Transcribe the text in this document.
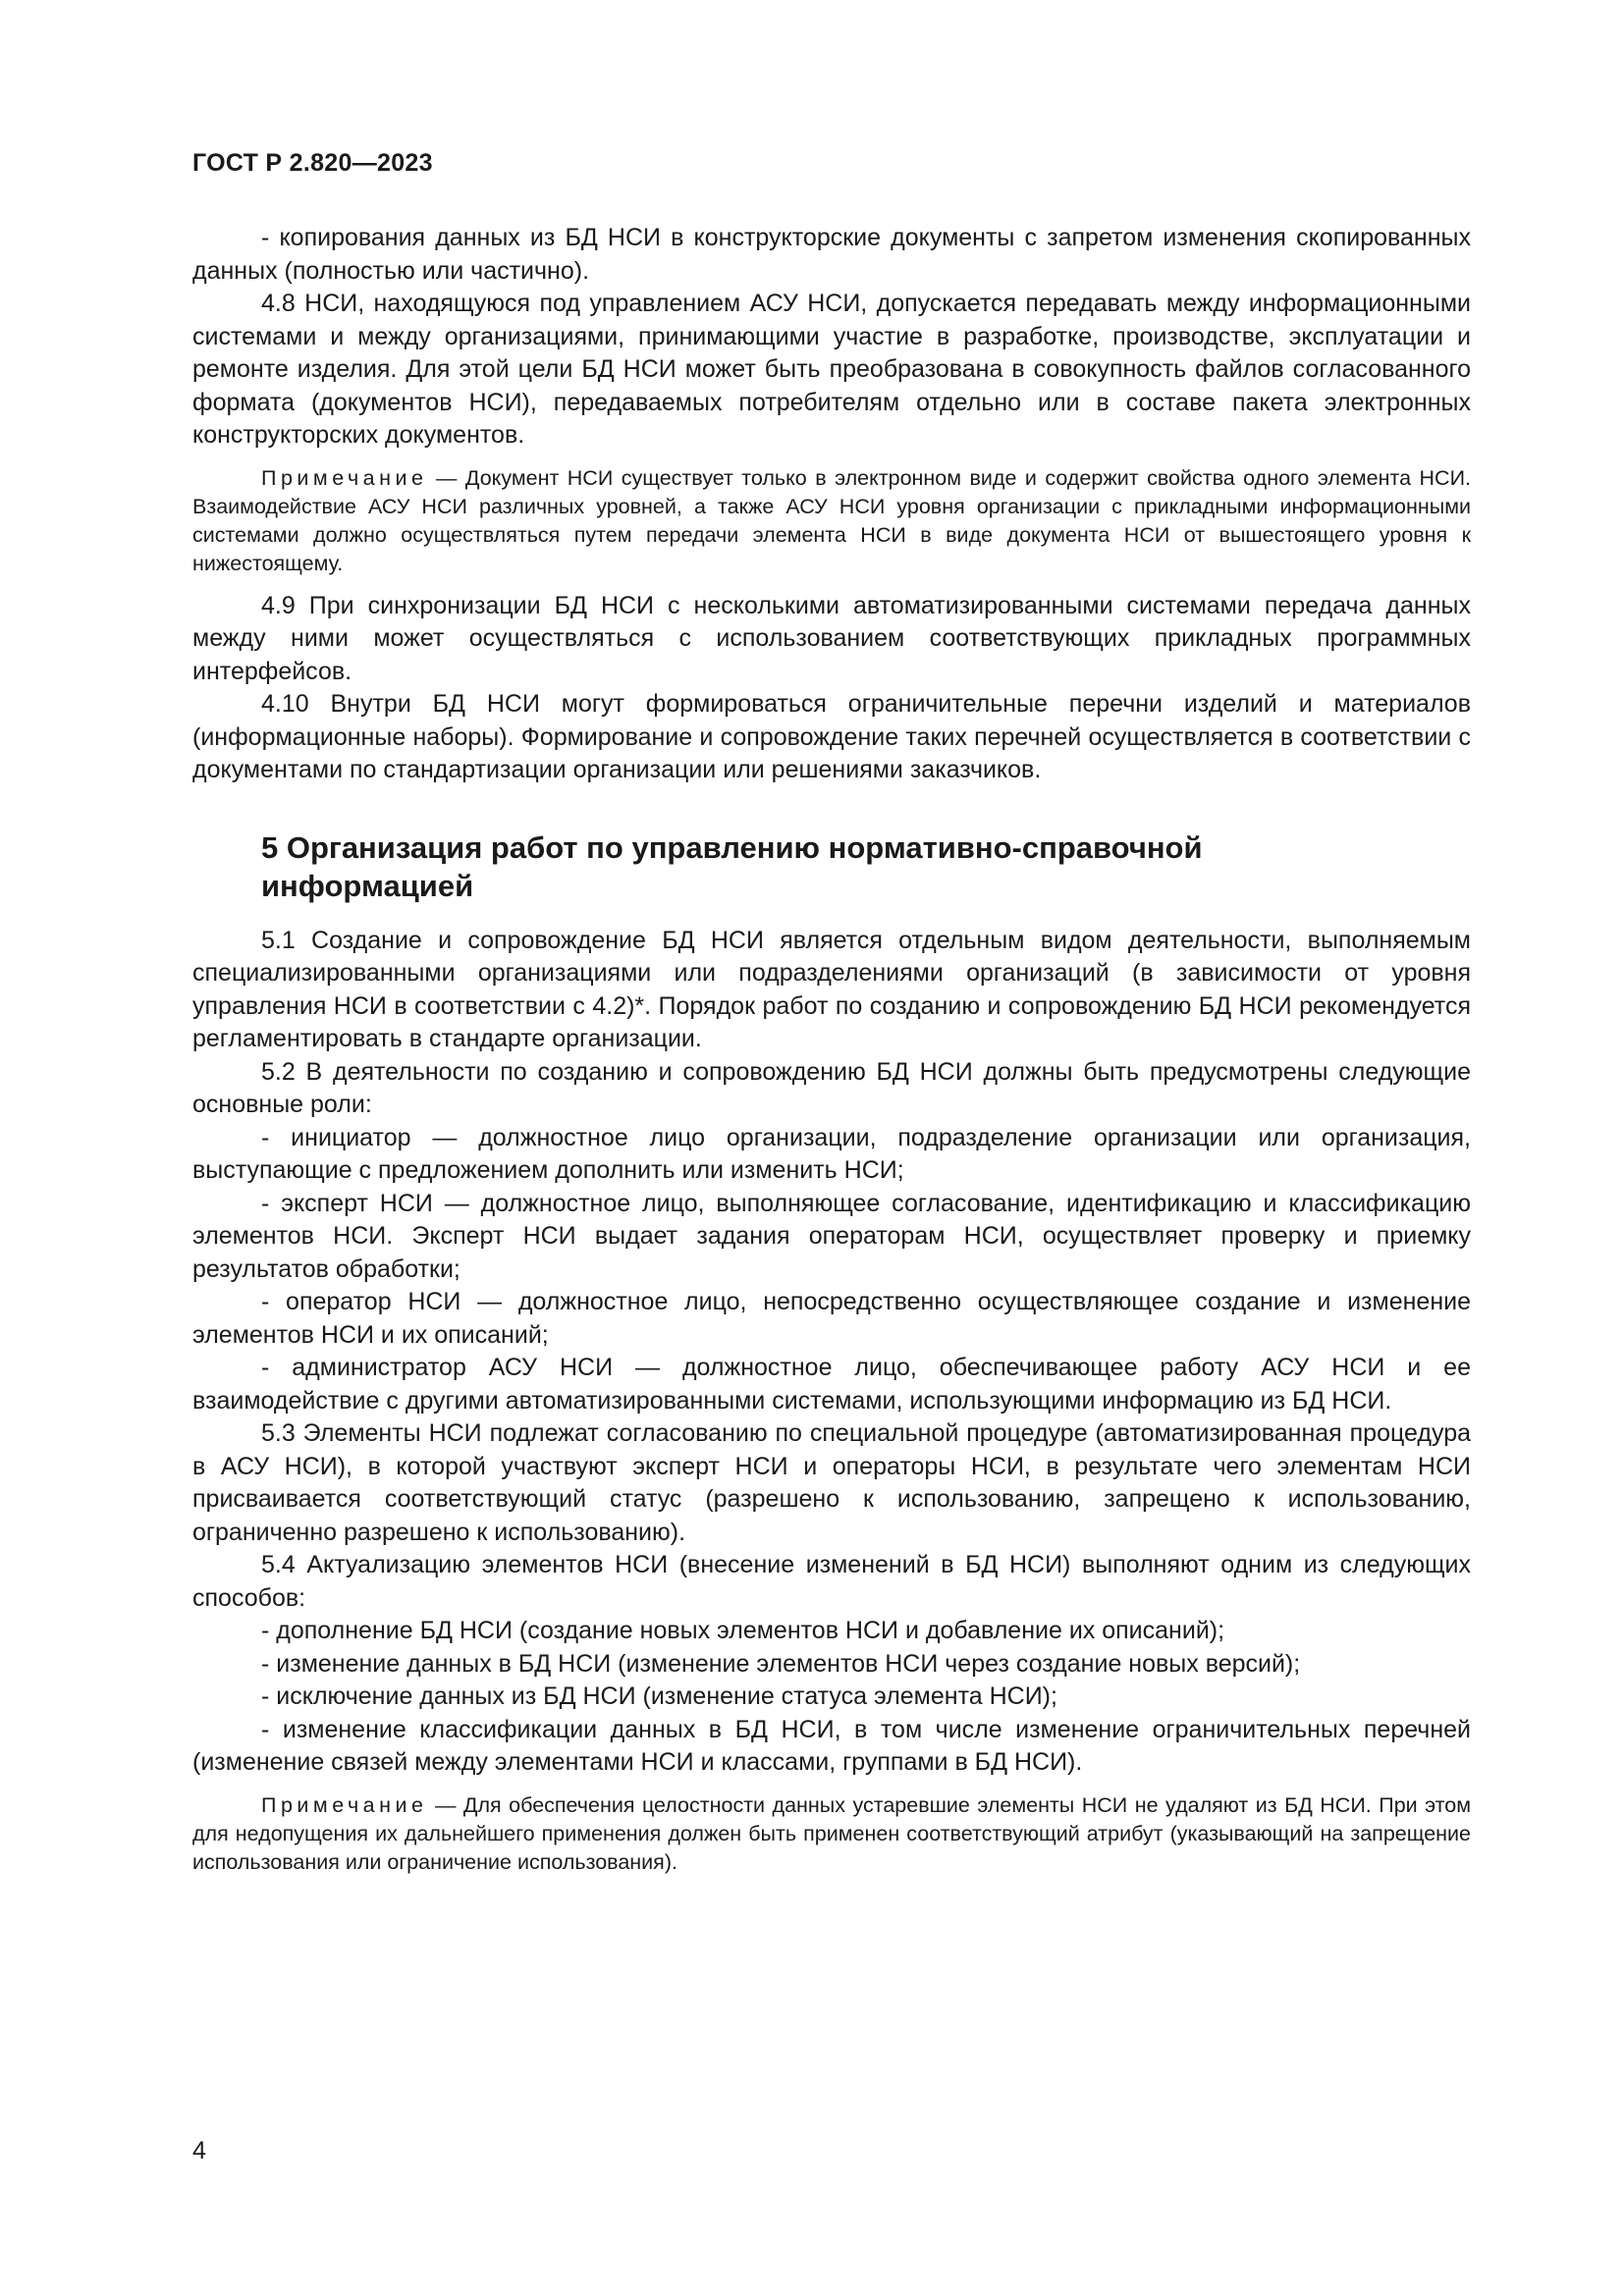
ГОСТ Р 2.820—2023

- копирования данных из БД НСИ в конструкторские документы с запретом изменения скопированных данных (полностью или частично).

4.8 НСИ, находящуюся под управлением АСУ НСИ, допускается передавать между информационными системами и между организациями, принимающими участие в разработке, производстве, эксплуатации и ремонте изделия. Для этой цели БД НСИ может быть преобразована в совокупность файлов согласованного формата (документов НСИ), передаваемых потребителям отдельно или в составе пакета электронных конструкторских документов.

Примечание — Документ НСИ существует только в электронном виде и содержит свойства одного элемента НСИ. Взаимодействие АСУ НСИ различных уровней, а также АСУ НСИ уровня организации с прикладными информационными системами должно осуществляться путем передачи элемента НСИ в виде документа НСИ от вышестоящего уровня к нижестоящему.

4.9 При синхронизации БД НСИ с несколькими автоматизированными системами передача данных между ними может осуществляться с использованием соответствующих прикладных программных интерфейсов.

4.10 Внутри БД НСИ могут формироваться ограничительные перечни изделий и материалов (информационные наборы). Формирование и сопровождение таких перечней осуществляется в соответствии с документами по стандартизации организации или решениями заказчиков.

5 Организация работ по управлению нормативно-справочной информацией

5.1 Создание и сопровождение БД НСИ является отдельным видом деятельности, выполняемым специализированными организациями или подразделениями организаций (в зависимости от уровня управления НСИ в соответствии с 4.2)*. Порядок работ по созданию и сопровождению БД НСИ рекомендуется регламентировать в стандарте организации.

5.2 В деятельности по созданию и сопровождению БД НСИ должны быть предусмотрены следующие основные роли:

- инициатор — должностное лицо организации, подразделение организации или организация, выступающие с предложением дополнить или изменить НСИ;

- эксперт НСИ — должностное лицо, выполняющее согласование, идентификацию и классификацию элементов НСИ. Эксперт НСИ выдает задания операторам НСИ, осуществляет проверку и приемку результатов обработки;

- оператор НСИ — должностное лицо, непосредственно осуществляющее создание и изменение элементов НСИ и их описаний;

- администратор АСУ НСИ — должностное лицо, обеспечивающее работу АСУ НСИ и ее взаимодействие с другими автоматизированными системами, использующими информацию из БД НСИ.

5.3 Элементы НСИ подлежат согласованию по специальной процедуре (автоматизированная процедура в АСУ НСИ), в которой участвуют эксперт НСИ и операторы НСИ, в результате чего элементам НСИ присваивается соответствующий статус (разрешено к использованию, запрещено к использованию, ограниченно разрешено к использованию).

5.4 Актуализацию элементов НСИ (внесение изменений в БД НСИ) выполняют одним из следующих способов:

- дополнение БД НСИ (создание новых элементов НСИ и добавление их описаний);

- изменение данных в БД НСИ (изменение элементов НСИ через создание новых версий);

- исключение данных из БД НСИ (изменение статуса элемента НСИ);

- изменение классификации данных в БД НСИ, в том числе изменение ограничительных перечней (изменение связей между элементами НСИ и классами, группами в БД НСИ).

Примечание — Для обеспечения целостности данных устаревшие элементы НСИ не удаляют из БД НСИ. При этом для недопущения их дальнейшего применения должен быть применен соответствующий атрибут (указывающий на запрещение использования или ограничение использования).

4
